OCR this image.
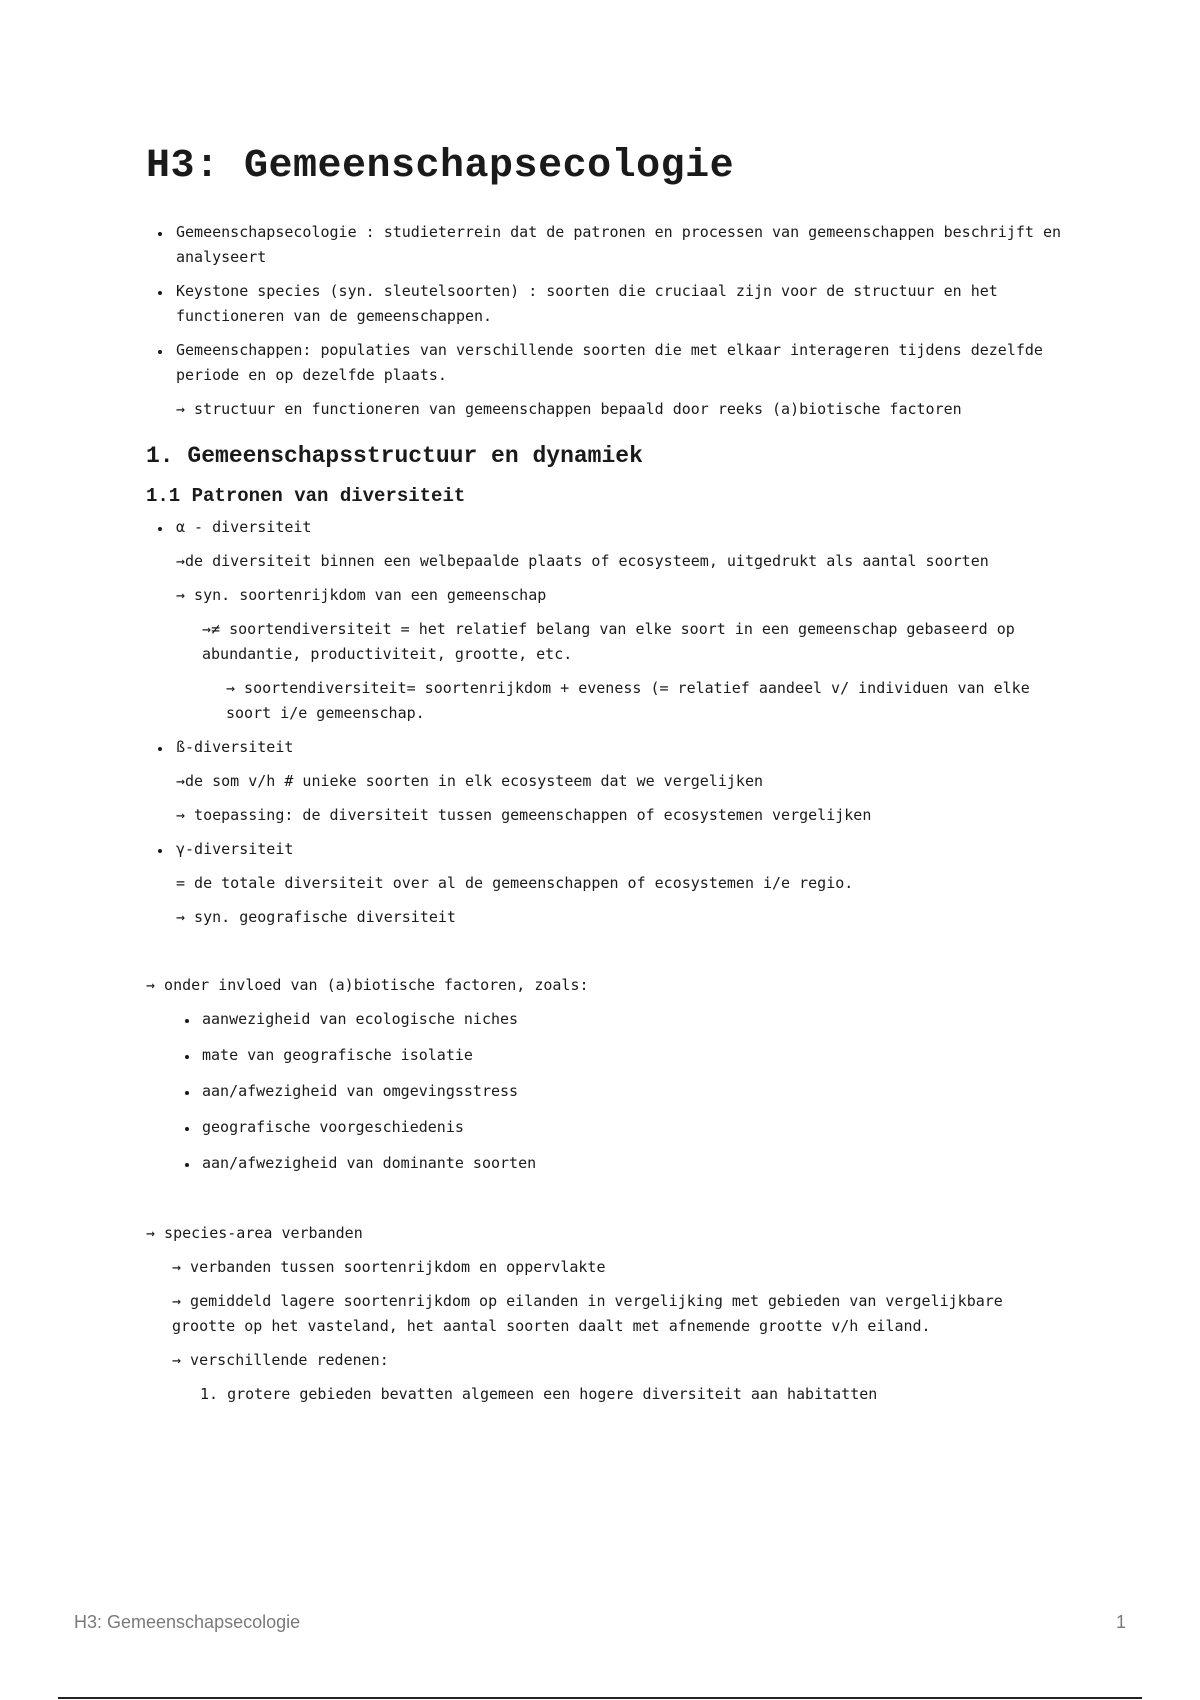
H3: Gemeenschapsecologie
Gemeenschapsecologie : studieterrein dat de patronen en processen van gemeenschappen beschrijft en analyseert
Keystone species (syn. sleutelsoorten) : soorten die cruciaal zijn voor de structuur en het functioneren van de gemeenschappen.
Gemeenschappen: populaties van verschillende soorten die met elkaar interageren tijdens dezelfde periode en op dezelfde plaats.

→ structuur en functioneren van gemeenschappen bepaald door reeks (a)biotische factoren

1. Gemeenschapsstructuur en dynamiek
1.1 Patronen van diversiteit
α - diversiteit

→de diversiteit binnen een welbepaalde plaats of ecosysteem, uitgedrukt als aantal soorten

→ syn. soortenrijkdom van een gemeenschap

→≠ soortendiversiteit = het relatief belang van elke soort in een gemeenschap gebaseerd op abundantie, productiviteit, grootte, etc.

→ soortendiversiteit= soortenrijkdom + eveness (= relatief aandeel v/ individuen van elke soort i/e gemeenschap.

ß-diversiteit

→de som v/h # unieke soorten in elk ecosysteem dat we vergelijken

→ toepassing: de diversiteit tussen gemeenschappen of ecosystemen vergelijken

γ-diversiteit

= de totale diversiteit over al de gemeenschappen of ecosystemen i/e regio.

→ syn. geografische diversiteit

→ onder invloed van (a)biotische factoren, zoals:

aanwezigheid van ecologische niches
mate van geografische isolatie
aan/afwezigheid van omgevingsstress
geografische voorgeschiedenis
aan/afwezigheid van dominante soorten

→ species-area verbanden

→ verbanden tussen soortenrijkdom en oppervlakte

→ gemiddeld lagere soortenrijkdom op eilanden in vergelijking met gebieden van vergelijkbare grootte op het vasteland, het aantal soorten daalt met afnemende grootte v/h eiland.

→ verschillende redenen:

1. grotere gebieden bevatten algemeen een hogere diversiteit aan habitatten

H3: Gemeenschapsecologie	1
